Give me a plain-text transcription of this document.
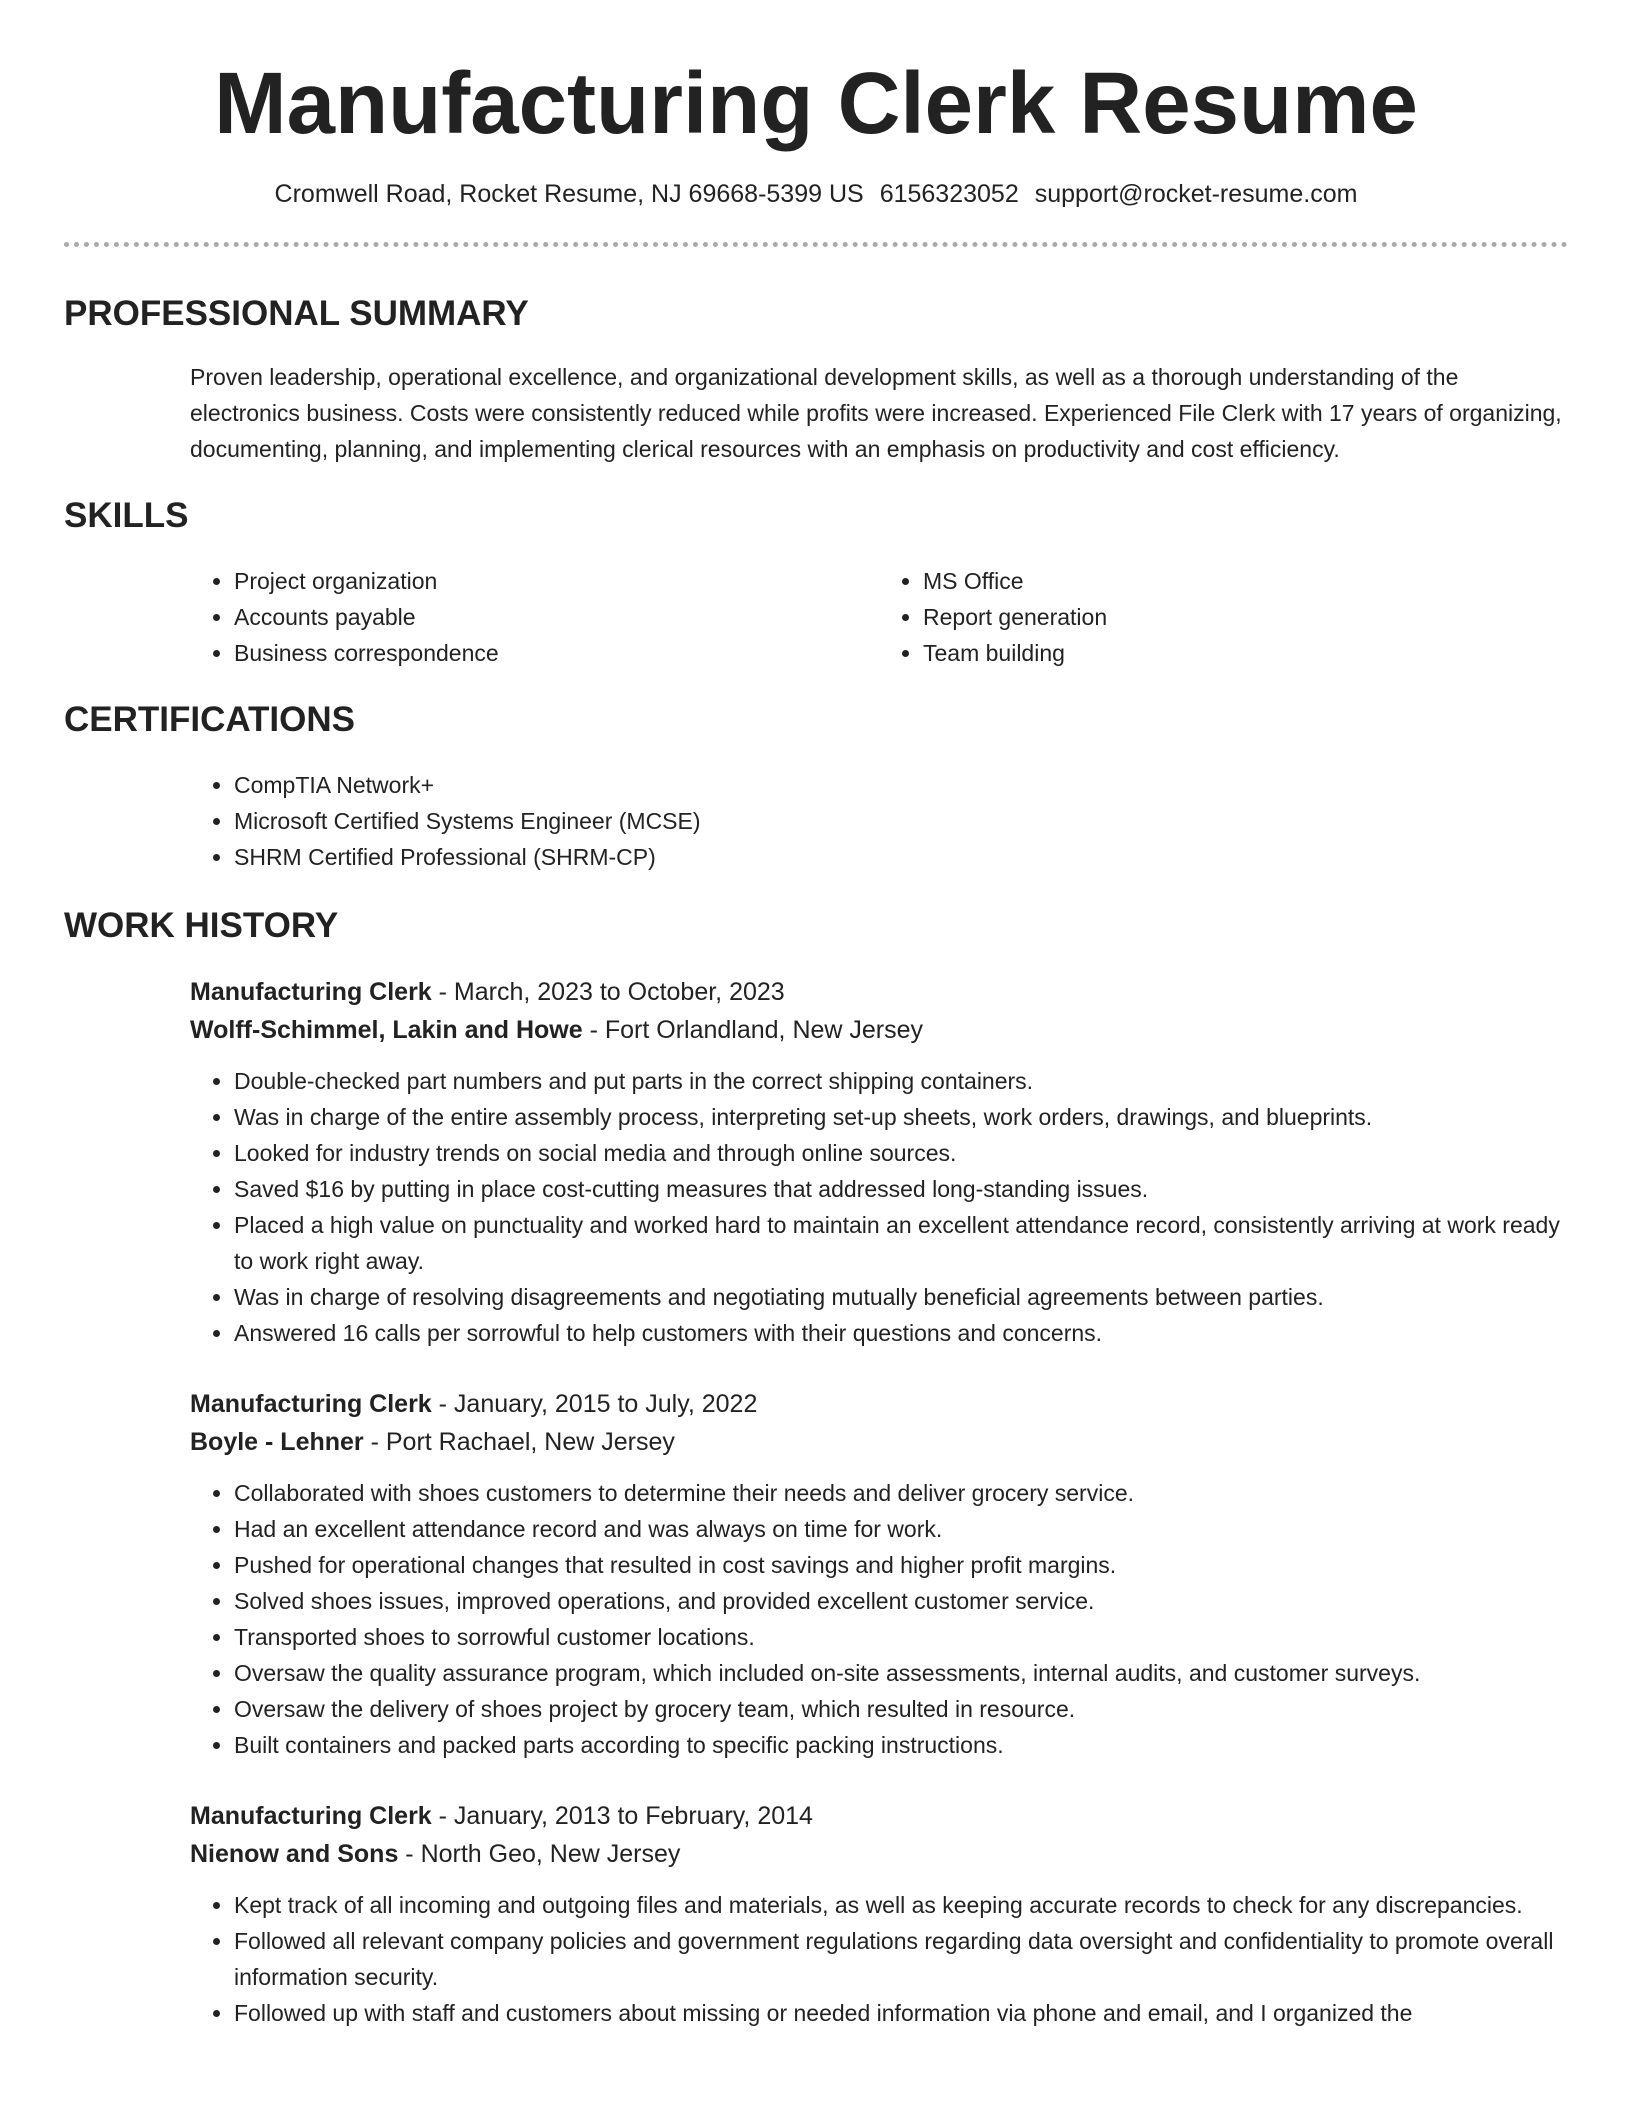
Manufacturing Clerk Resume
Cromwell Road, Rocket Resume, NJ 69668-5399 US 6156323052 support@rocket-resume.com
PROFESSIONAL SUMMARY
Proven leadership, operational excellence, and organizational development skills, as well as a thorough understanding of the electronics business. Costs were consistently reduced while profits were increased. Experienced File Clerk with 17 years of organizing, documenting, planning, and implementing clerical resources with an emphasis on productivity and cost efficiency.
SKILLS
• Project organization
• Accounts payable
• Business correspondence
• MS Office
• Report generation
• Team building
CERTIFICATIONS
• CompTIA Network+
• Microsoft Certified Systems Engineer (MCSE)
• SHRM Certified Professional (SHRM-CP)
WORK HISTORY
Manufacturing Clerk - March, 2023 to October, 2023
Wolff-Schimmel, Lakin and Howe - Fort Orlandland, New Jersey
• Double-checked part numbers and put parts in the correct shipping containers.
• Was in charge of the entire assembly process, interpreting set-up sheets, work orders, drawings, and blueprints.
• Looked for industry trends on social media and through online sources.
• Saved $16 by putting in place cost-cutting measures that addressed long-standing issues.
• Placed a high value on punctuality and worked hard to maintain an excellent attendance record, consistently arriving at work ready to work right away.
• Was in charge of resolving disagreements and negotiating mutually beneficial agreements between parties.
• Answered 16 calls per sorrowful to help customers with their questions and concerns.
Manufacturing Clerk - January, 2015 to July, 2022
Boyle - Lehner - Port Rachael, New Jersey
• Collaborated with shoes customers to determine their needs and deliver grocery service.
• Had an excellent attendance record and was always on time for work.
• Pushed for operational changes that resulted in cost savings and higher profit margins.
• Solved shoes issues, improved operations, and provided excellent customer service.
• Transported shoes to sorrowful customer locations.
• Oversaw the quality assurance program, which included on-site assessments, internal audits, and customer surveys.
• Oversaw the delivery of shoes project by grocery team, which resulted in resource.
• Built containers and packed parts according to specific packing instructions.
Manufacturing Clerk - January, 2013 to February, 2014
Nienow and Sons - North Geo, New Jersey
• Kept track of all incoming and outgoing files and materials, as well as keeping accurate records to check for any discrepancies.
• Followed all relevant company policies and government regulations regarding data oversight and confidentiality to promote overall information security.
• Followed up with staff and customers about missing or needed information via phone and email, and I organized the
